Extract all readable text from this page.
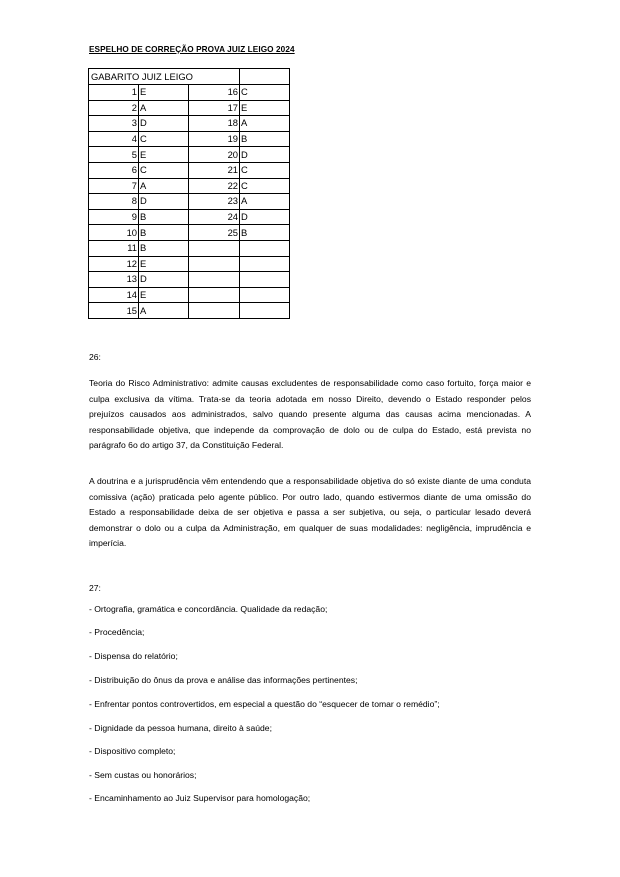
ESPELHO DE CORREÇÃO PROVA JUIZ LEIGO 2024
GABARITO JUIZ LEIGO			
1	E	16	C
2	A	17	E
3	D	18	A
4	C	19	B
5	E	20	D
6	C	21	C
7	A	22	C
8	D	23	A
9	B	24	D
10	B	25	B
11	B		
12	E		
13	D		
14	E		
15	A		
26:
Teoria do Risco Administrativo: admite causas excludentes de responsabilidade como caso fortuito, força maior e culpa exclusiva da vítima. Trata-se da teoria adotada em nosso Direito, devendo o Estado responder pelos prejuízos causados aos administrados, salvo quando presente alguma das causas acima mencionadas. A responsabilidade objetiva, que independe da comprovação de dolo ou de culpa do Estado, está prevista no parágrafo 6o do artigo 37, da Constituição Federal.
A doutrina e a jurisprudência vêm entendendo que a responsabilidade objetiva do só existe diante de uma conduta comissiva (ação) praticada pelo agente público. Por outro lado, quando estivermos diante de uma omissão do Estado a responsabilidade deixa de ser objetiva e passa a ser subjetiva, ou seja, o particular lesado deverá demonstrar o dolo ou a culpa da Administração, em qualquer de suas modalidades: negligência, imprudência e imperícia.
27:
- Ortografia, gramática e concordância. Qualidade da redação;
- Procedência;
- Dispensa do relatório;
- Distribuição do ônus da prova e análise das informações pertinentes;
- Enfrentar pontos controvertidos, em especial a questão do “esquecer de tomar o remédio”;
- Dignidade da pessoa humana, direito à saúde;
- Dispositivo completo;
- Sem custas ou honorários;
- Encaminhamento ao Juiz Supervisor para homologação;
